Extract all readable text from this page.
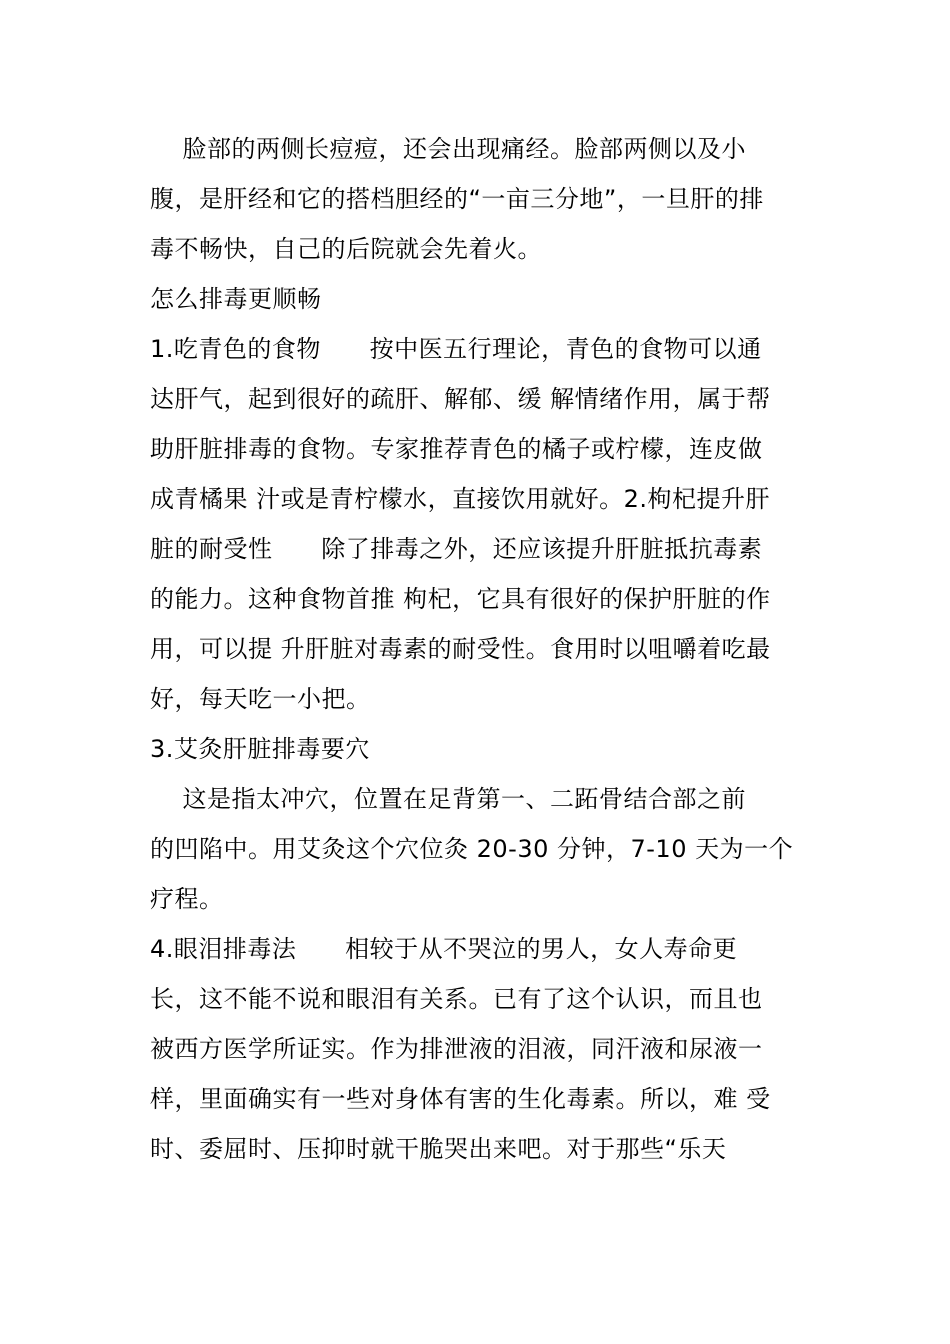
脸部的两侧长痘痘，还会出现痛经。脸部两侧以及小
腹，是肝经和它的搭档胆经的“一亩三分地”，一旦肝的排
毒不畅快，自己的后院就会先着火。
怎么排毒更顺畅
1.吃青色的食物      按中医五行理论，青色的食物可以通
达肝气，起到很好的疏肝、解郁、缓 解情绪作用，属于帮
助肝脏排毒的食物。专家推荐青色的橘子或柠檬，连皮做
成青橘果 汁或是青柠檬水，直接饮用就好。2.枸杞提升肝
脏的耐受性      除了排毒之外，还应该提升肝脏抵抗毒素
的能力。这种食物首推 枸杞，它具有很好的保护肝脏的作
用，可以提 升肝脏对毒素的耐受性。食用时以咀嚼着吃最
好，每天吃一小把。
3.艾灸肝脏排毒要穴
这是指太冲穴，位置在足背第一、二跖骨结合部之前
的凹陷中。用艾灸这个穴位灸 20-30 分钟，7-10 天为一个
疗程。
4.眼泪排毒法      相较于从不哭泣的男人，女人寿命更
长，这不能不说和眼泪有关系。已有了这个认识，而且也
被西方医学所证实。作为排泄液的泪液，同汗液和尿液一
样，里面确实有一些对身体有害的生化毒素。所以，难 受
时、委屈时、压抑时就干脆哭出来吧。对于那些“乐天
